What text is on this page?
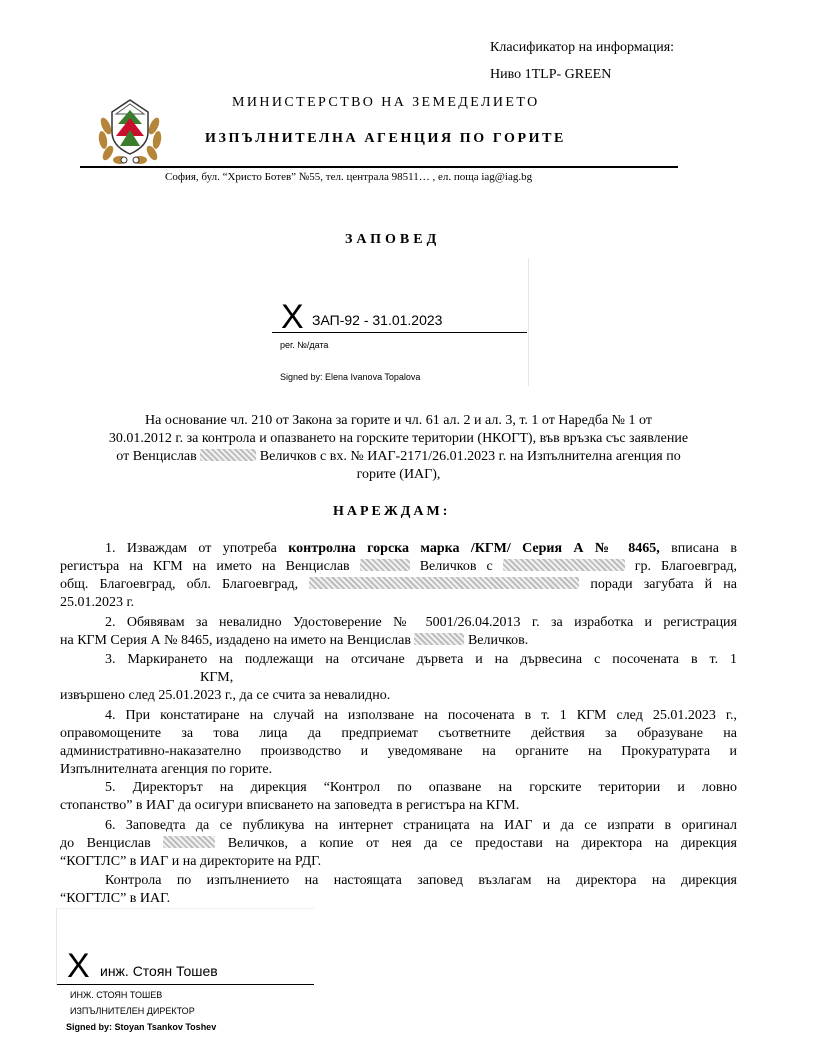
Класификатор на информация:
Ниво 1TLP- GREEN
МИНИСТЕРСТВО НА ЗЕМЕДЕЛИЕТО
ИЗПЪЛНИТЕЛНА АГЕНЦИЯ ПО ГОРИТЕ
София, бул. “Христо Ботев” №55, тел. централа 98511… , ел. поща iag@iag.bg
ЗАПОВЕД
X ЗАП-92 - 31.01.2023
рег. №/дата
Signed by: Elena Ivanova Topalova
На основание чл. 210 от Закона за горите и чл. 61 ал. 2 и ал. 3, т. 1 от Наредба № 1 от
30.01.2012 г. за контрола и опазването на горските територии (НКОГТ), във връзка със заявление
от Венцислав	Величков с вх. № ИАГ-2171/26.01.2023 г. на Изпълнителна агенция по
горите (ИАГ),
НАРЕЖДАМ:
1. Изваждам от употреба контролна горска марка /КГМ/ Серия А № 8465, вписана в
регистъра на КГМ на името на Венцислав	Величков с	гр. Благоевград,
общ. Благоевград, обл. Благоевград,	поради загубата й на
25.01.2023 г.
2. Обявявам за невалидно Удостоверение № 5001/26.04.2013 г. за изработка и регистрация
на КГМ Серия А № 8465, издадено на името на Венцислав	Величков.
3. Маркирането на подлежащи на отсичане дървета и на дървесина с посочената в т. 1
КГМ,
извършено след 25.01.2023 г., да се счита за невалидно.
4. При констатиране на случай на използване на посочената в т. 1 КГМ след 25.01.2023 г.,
оправомощените за това лица да предприемат съответните действия за образуване на
административно-наказателно производство и уведомяване на органите на Прокуратурата и
Изпълнителната агенция по горите.
5. Директорът на дирекция “Контрол по опазване на горските територии и ловно
стопанство” в ИАГ да осигури вписването на заповедта в регистъра на КГМ.
6. Заповедта да се публикува на интернет страницата на ИАГ и да се изпрати в оригинал
до Венцислав	Величков, а копие от нея да се предостави на директора на дирекция
“КОГТЛС” в ИАГ и на директорите на РДГ.
Контрола по изпълнението на настоящата заповед възлагам на директора на дирекция
“КОГТЛС” в ИАГ.
X инж. Стоян Тошев
ИНЖ. СТОЯН ТОШЕВ
ИЗПЪЛНИТЕЛЕН ДИРЕКТОР
Signed by: Stoyan Tsankov Toshev
